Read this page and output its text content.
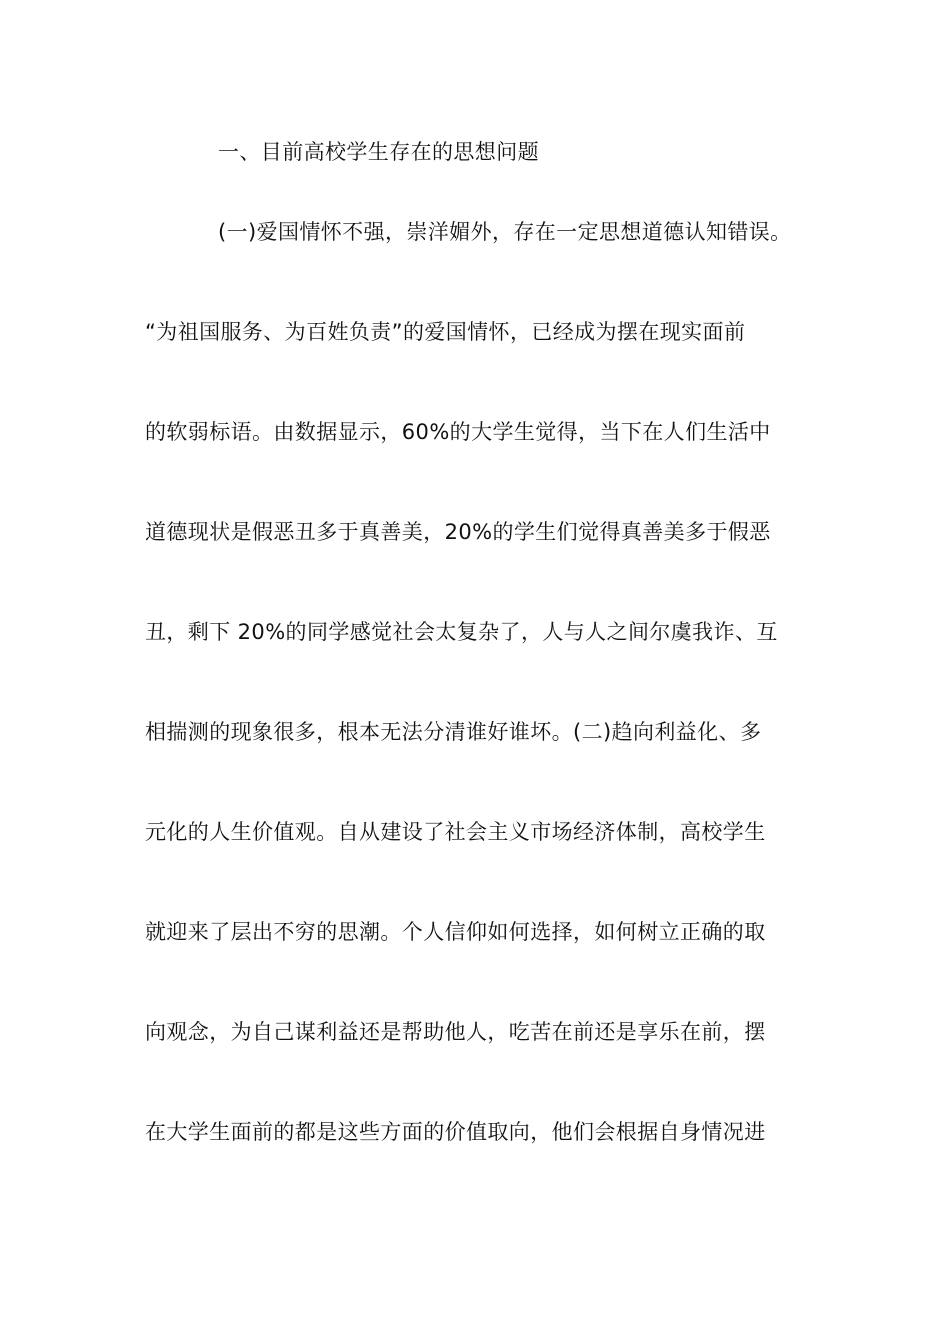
一、目前高校学生存在的思想问题
(一)爱国情怀不强，崇洋媚外，存在一定思想道德认知错误。
“为祖国服务、为百姓负责”的爱国情怀，已经成为摆在现实面前
的软弱标语。由数据显示，60%的大学生觉得，当下在人们生活中
道德现状是假恶丑多于真善美，20%的学生们觉得真善美多于假恶
丑，剩下 20%的同学感觉社会太复杂了，人与人之间尔虞我诈、互
相揣测的现象很多，根本无法分清谁好谁坏。(二)趋向利益化、多
元化的人生价值观。自从建设了社会主义市场经济体制，高校学生
就迎来了层出不穷的思潮。个人信仰如何选择，如何树立正确的取
向观念，为自己谋利益还是帮助他人，吃苦在前还是享乐在前，摆
在大学生面前的都是这些方面的价值取向，他们会根据自身情况进
